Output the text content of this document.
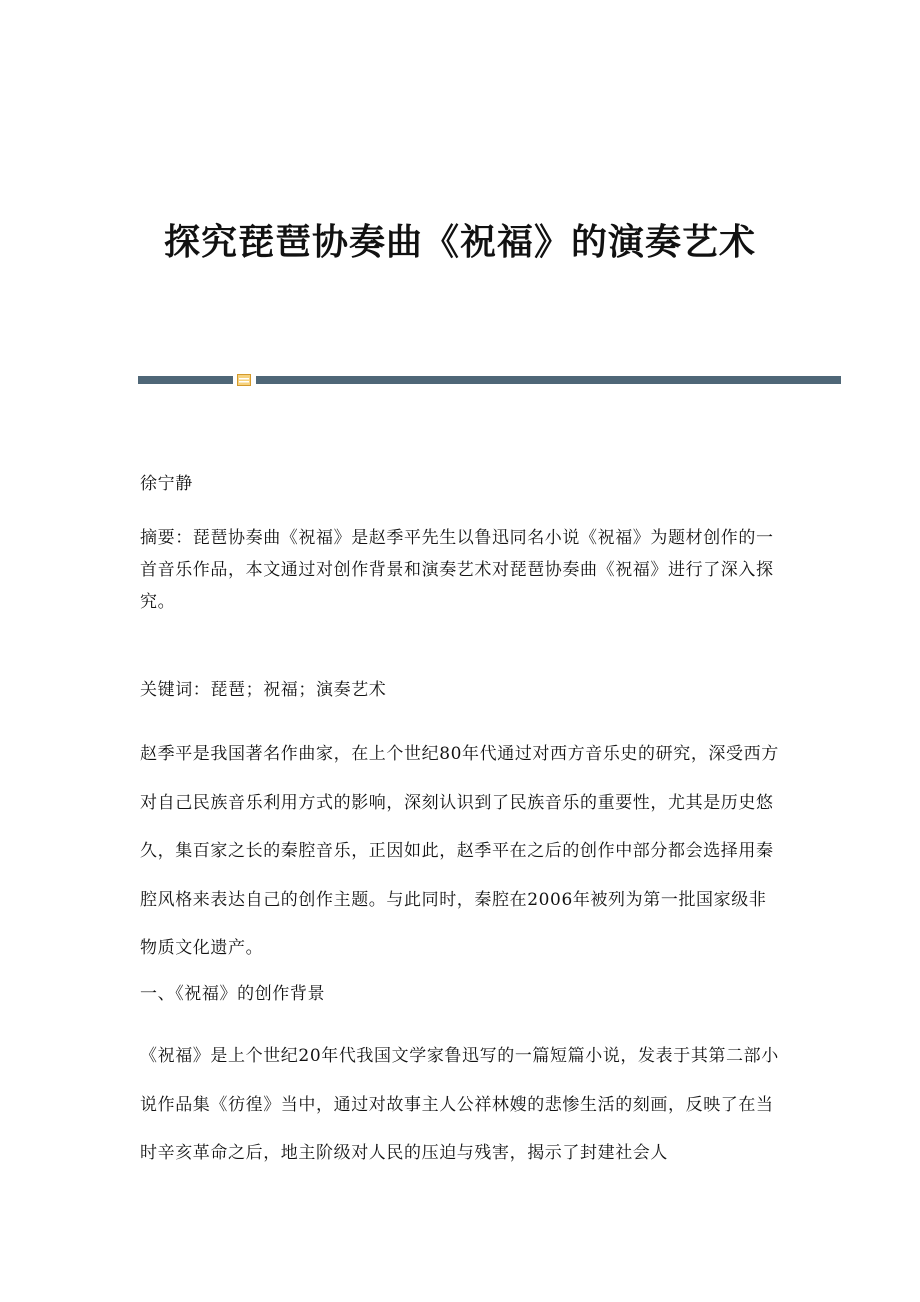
探究琵琶协奏曲《祝福》的演奏艺术

徐宁静

摘要：琵琶协奏曲《祝福》是赵季平先生以鲁迅同名小说《祝福》为题材创作的一首音乐作品，本文通过对创作背景和演奏艺术对琵琶协奏曲《祝福》进行了深入探究。

关键词：琵琶；祝福；演奏艺术

赵季平是我国著名作曲家，在上个世纪80年代通过对西方音乐史的研究，深受西方对自己民族音乐利用方式的影响，深刻认识到了民族音乐的重要性，尤其是历史悠久，集百家之长的秦腔音乐，正因如此，赵季平在之后的创作中部分都会选择用秦腔风格来表达自己的创作主题。与此同时，秦腔在2006年被列为第一批国家级非物质文化遗产。

一、《祝福》的创作背景

《祝福》是上个世纪20年代我国文学家鲁迅写的一篇短篇小说，发表于其第二部小说作品集《彷徨》当中，通过对故事主人公祥林嫂的悲惨生活的刻画，反映了在当时辛亥革命之后，地主阶级对人民的压迫与残害，揭示了封建社会人
